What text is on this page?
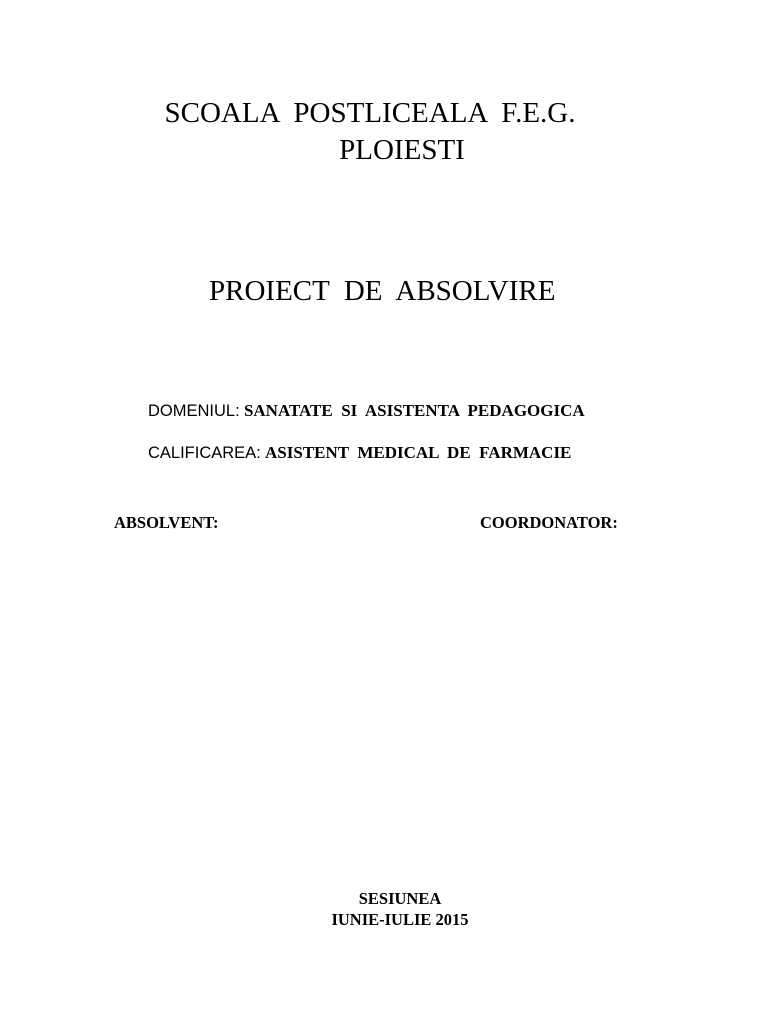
SCOALA  POSTLICEALA  F.E.G.
PLOIESTI
PROIECT  DE  ABSOLVIRE

DOMENIUL: SANATATE  SI  ASISTENTA  PEDAGOGICA

CALIFICAREA: ASISTENT  MEDICAL  DE  FARMACIE

ABSOLVENT:	COORDONATOR:
SESIUNEA
IUNIE-IULIE 2015
